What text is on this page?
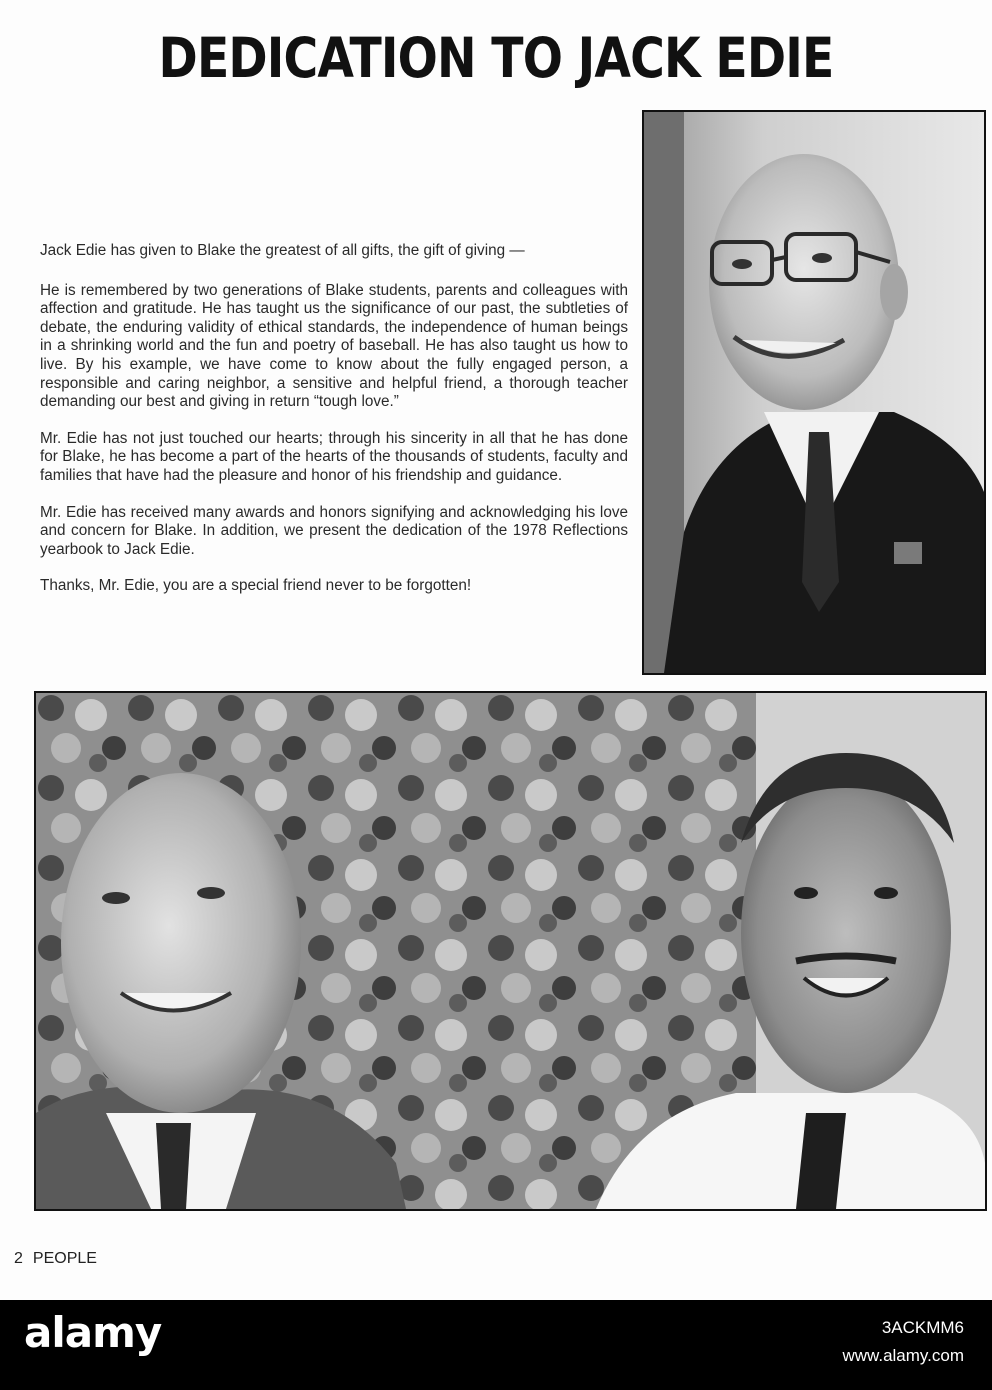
DEDICATION TO JACK EDIE

Jack Edie has given to Blake the greatest of all gifts, the gift of giving —

He is remembered by two generations of Blake students, parents and colleagues with affection and gratitude. He has taught us the significance of our past, the subtleties of debate, the enduring validity of ethical standards, the independence of human beings in a shrinking world and the fun and poetry of baseball. He has also taught us how to live. By his example, we have come to know about the fully engaged person, a responsible and caring neighbor, a sensitive and helpful friend, a thorough teacher demanding our best and giving in return “tough love.”

Mr. Edie has not just touched our hearts; through his sincerity in all that he has done for Blake, he has become a part of the hearts of the thousands of students, faculty and families that have had the pleasure and honor of his friendship and guidance.

Mr. Edie has received many awards and honors signifying and acknowledging his love and concern for Blake. In addition, we present the dedication of the 1978 Reflections yearbook to Jack Edie.

Thanks, Mr. Edie, you are a special friend never to be forgotten!

2 PEOPLE
alamy	3ACKMM6
www.alamy.com
